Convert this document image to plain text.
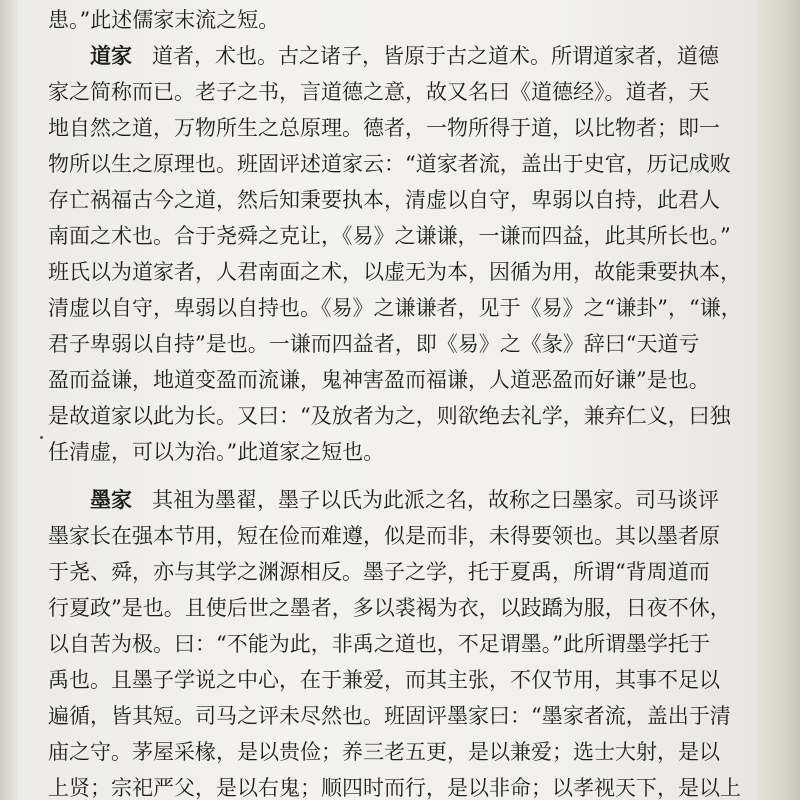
患。”此述儒家末流之短。
道家 道者，术也。古之诸子，皆原于古之道术。所谓道家者，道德
家之简称而已。老子之书，言道德之意，故又名曰《道德经》。道者，天
地自然之道，万物所生之总原理。德者，一物所得于道，以比物者；即一
物所以生之原理也。班固评述道家云：“道家者流，盖出于史官，历记成败
存亡祸福古今之道，然后知秉要执本，清虚以自守，卑弱以自持，此君人
南面之术也。合于尧舜之克让，《易》之谦谦，一谦而四益，此其所长也。”
班氏以为道家者，人君南面之术，以虚无为本，因循为用，故能秉要执本，
清虚以自守，卑弱以自持也。《易》之谦谦者，见于《易》之“谦卦”，“谦，
君子卑弱以自持”是也。一谦而四益者，即《易》之《彖》辞曰“天道亏
盈而益谦，地道变盈而流谦，鬼神害盈而福谦，人道恶盈而好谦”是也。
是故道家以此为长。又曰：“及放者为之，则欲绝去礼学，兼弃仁义，曰独
任清虚，可以为治。”此道家之短也。
墨家 其祖为墨翟，墨子以氏为此派之名，故称之曰墨家。司马谈评
墨家长在强本节用，短在俭而难遵，似是而非，未得要领也。其以墨者原
于尧、舜，亦与其学之渊源相反。墨子之学，托于夏禹，所谓“背周道而
行夏政”是也。且使后世之墨者，多以裘褐为衣，以跂蹻为服，日夜不休，
以自苦为极。曰：“不能为此，非禹之道也，不足谓墨。”此所谓墨学托于
禹也。且墨子学说之中心，在于兼爱，而其主张，不仅节用，其事不足以
遍循，皆其短。司马之评未尽然也。班固评墨家曰：“墨家者流，盖出于清
庙之守。茅屋采椽，是以贵俭；养三老五更，是以兼爱；选士大射，是以
上贤；宗祀严父，是以右鬼；顺四时而行，是以非命；以孝视天下，是以上
